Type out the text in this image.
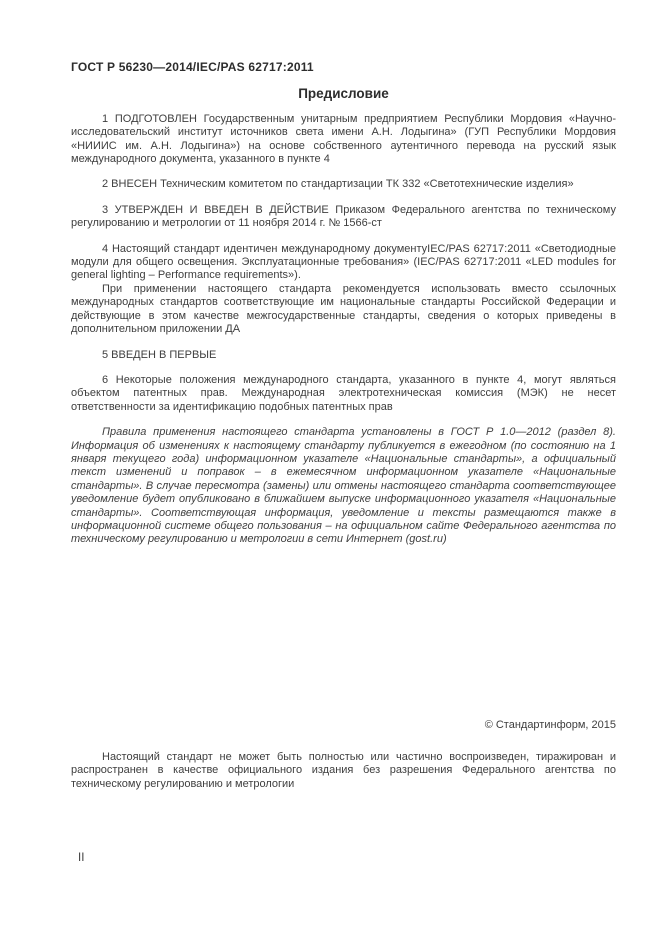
ГОСТ Р 56230—2014/IEC/PAS 62717:2011
Предисловие

1 ПОДГОТОВЛЕН Государственным унитарным предприятием Республики Мордовия «Научно-исследовательский институт источников света имени А.Н. Лодыгина» (ГУП Республики Мордовия «НИИИС им. А.Н. Лодыгина») на основе собственного аутентичного перевода на русский язык международного документа, указанного в пункте 4

2 ВНЕСЕН Техническим комитетом по стандартизации ТК 332 «Светотехнические изделия»

3 УТВЕРЖДЕН И ВВЕДЕН В ДЕЙСТВИЕ Приказом Федерального агентства по техническому регулированию и метрологии от 11 ноября 2014 г. № 1566-ст

4 Настоящий стандарт идентичен международному документуIEC/PAS 62717:2011 «Светодиодные модули для общего освещения. Эксплуатационные требования» (IEC/PAS 62717:2011 «LED modules for general lighting – Performance requirements»).

При применении настоящего стандарта рекомендуется использовать вместо ссылочных международных стандартов соответствующие им национальные стандарты Российской Федерации и действующие в этом качестве межгосударственные стандарты, сведения о которых приведены в дополнительном приложении ДА

5 ВВЕДЕН В ПЕРВЫЕ

6 Некоторые положения международного стандарта, указанного в пункте 4, могут являться объектом патентных прав. Международная электротехническая комиссия (МЭК) не несет ответственности за идентификацию подобных патентных прав

Правила применения настоящего стандарта установлены в ГОСТ Р 1.0—2012 (раздел 8). Информация об изменениях к настоящему стандарту публикуется в ежегодном (по состоянию на 1 января текущего года) информационном указателе «Национальные стандарты», а официальный текст изменений и поправок – в ежемесячном информационном указателе «Национальные стандарты». В случае пересмотра (замены) или отмены настоящего стандарта соответствующее уведомление будет опубликовано в ближайшем выпуске информационного указателя «Национальные стандарты». Соответствующая информация, уведомление и тексты размещаются также в информационной системе общего пользования – на официальном сайте Федерального агентства по техническому регулированию и метрологии в сети Интернет (gost.ru)

© Стандартинформ, 2015
Настоящий стандарт не может быть полностью или частично воспроизведен, тиражирован и распространен в качестве официального издания без разрешения Федерального агентства по техническому регулированию и метрологии
II
